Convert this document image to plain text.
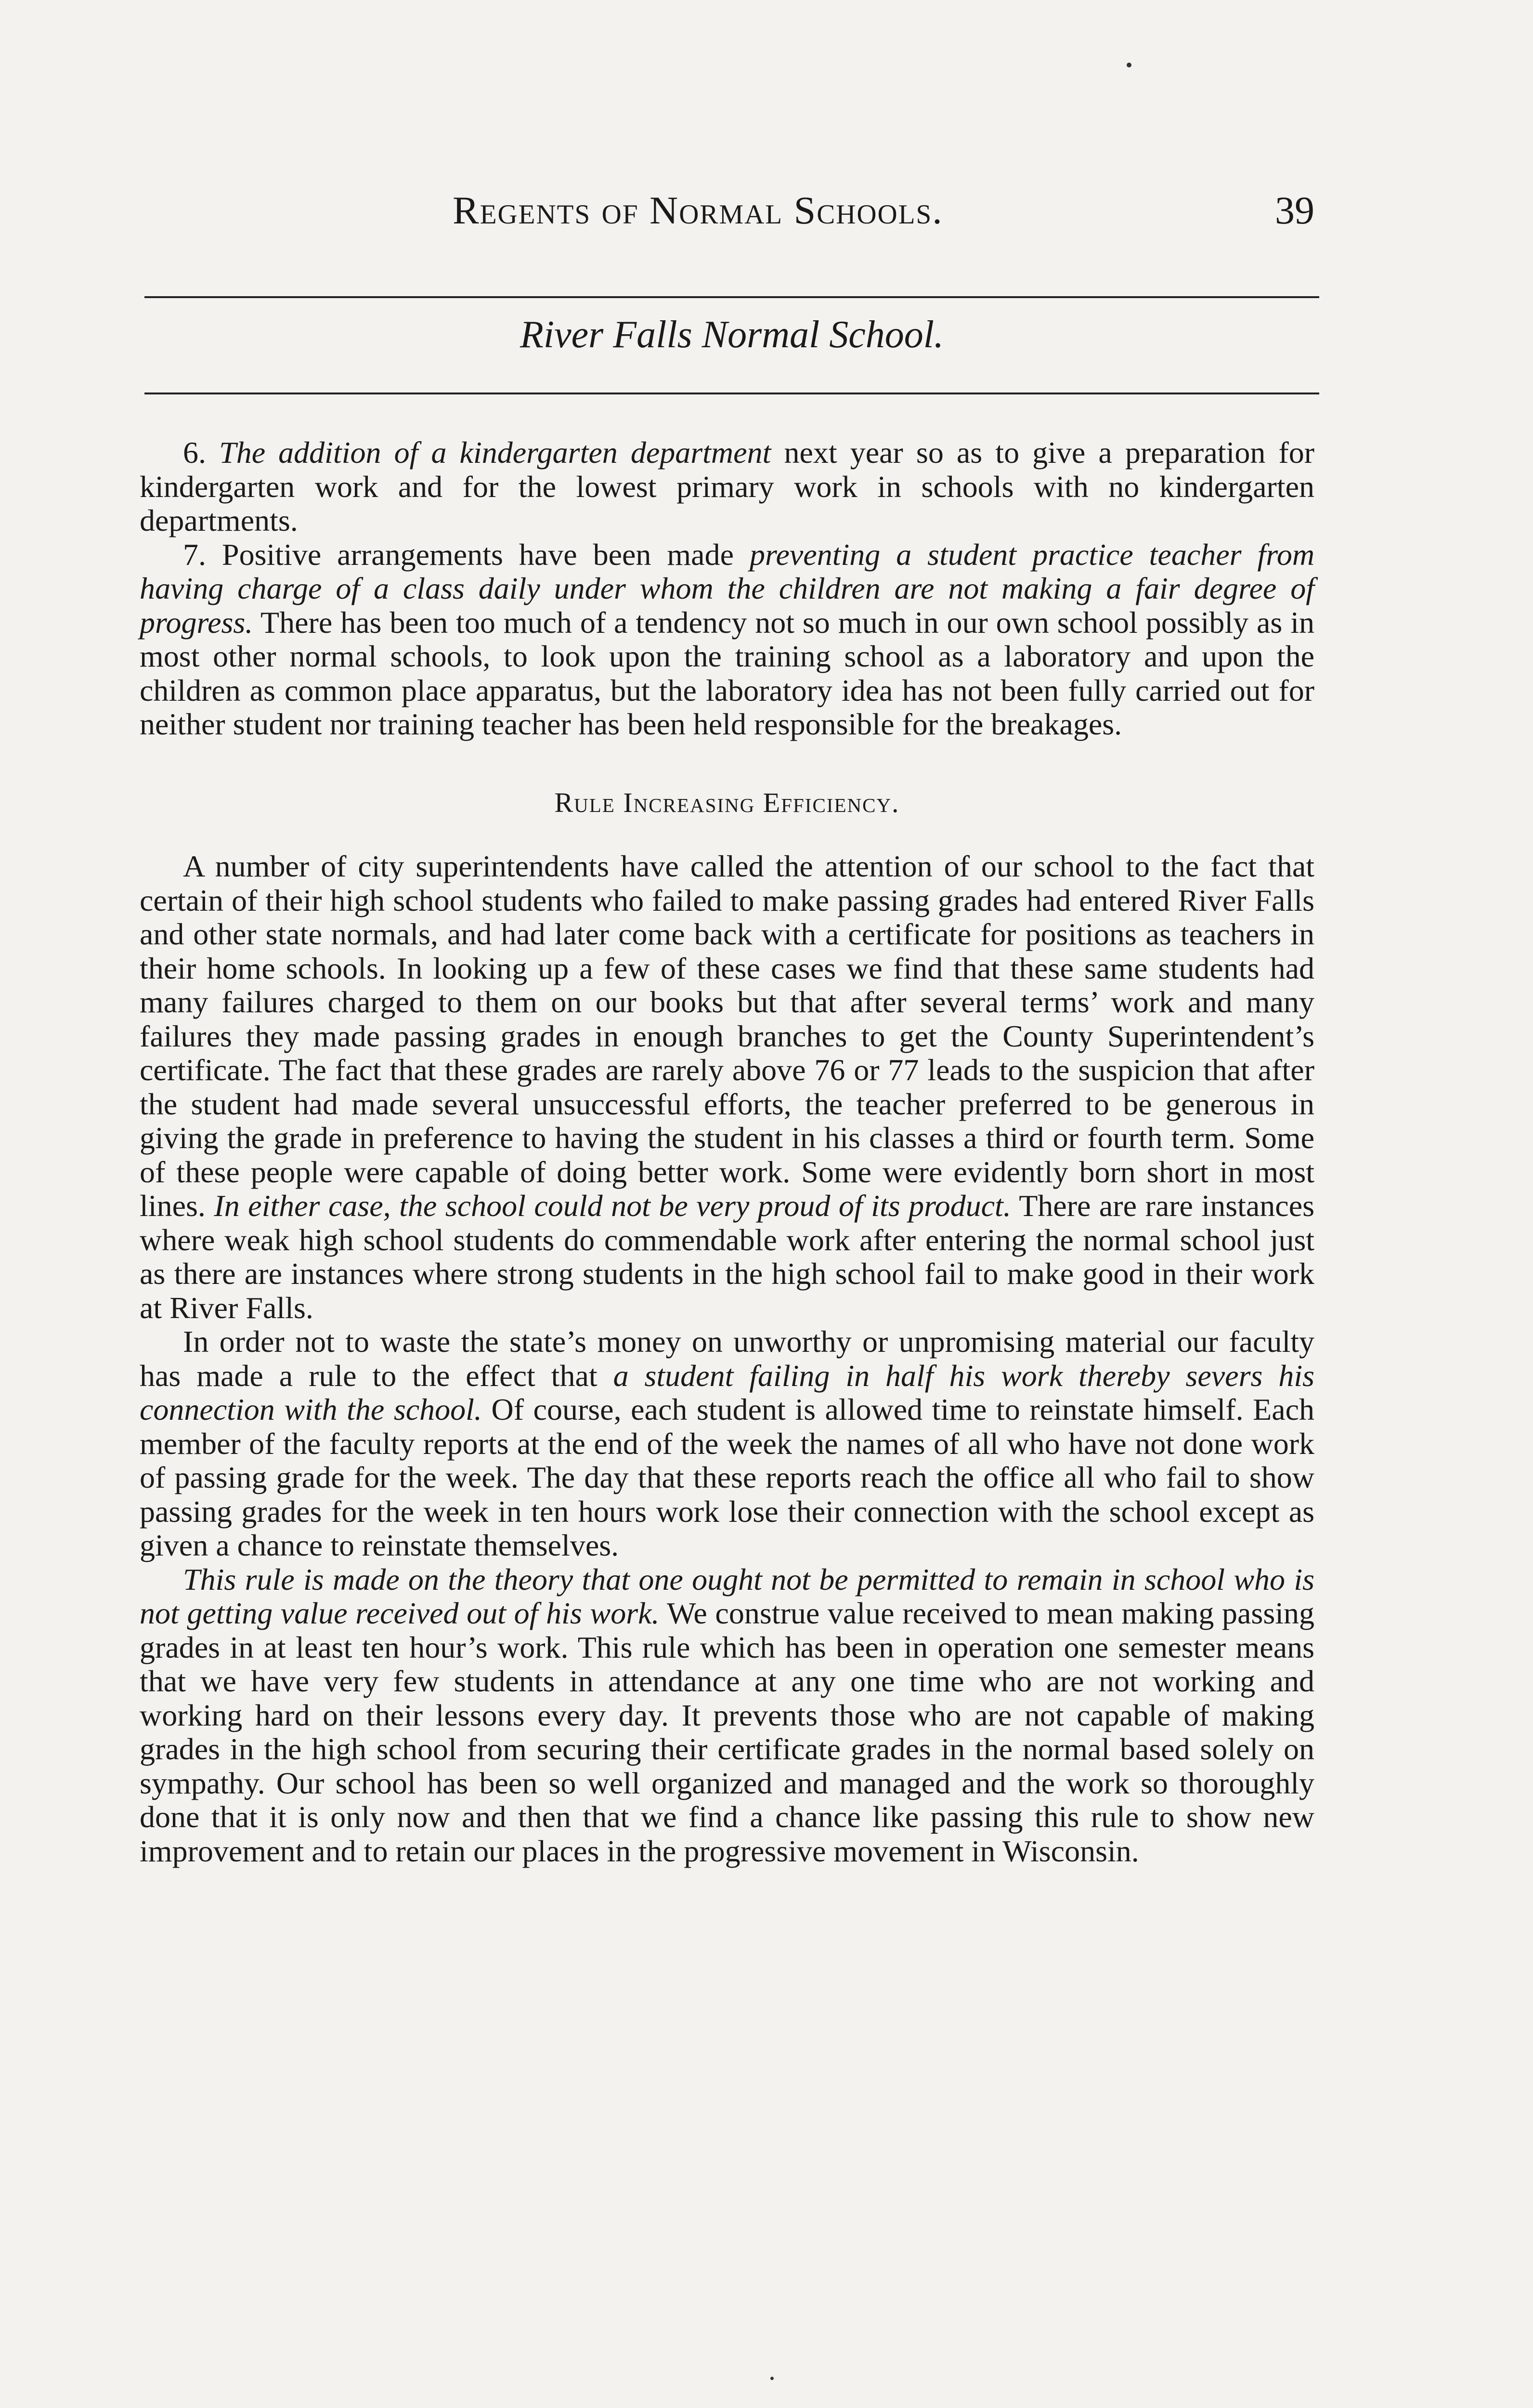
Regents of Normal Schools.	39
River Falls Normal School.

6. The addition of a kindergarten department next year so as to give a preparation for kindergarten work and for the lowest primary work in schools with no kindergarten departments.

7. Positive arrangements have been made preventing a student practice teacher from having charge of a class daily under whom the children are not making a fair degree of progress. There has been too much of a tendency not so much in our own school possibly as in most other normal schools, to look upon the training school as a laboratory and upon the children as common place apparatus, but the laboratory idea has not been fully carried out for neither student nor training teacher has been held responsible for the breakages.

Rule Increasing Efficiency.

A number of city superintendents have called the attention of our school to the fact that certain of their high school students who failed to make passing grades had entered River Falls and other state normals, and had later come back with a certificate for positions as teachers in their home schools. In looking up a few of these cases we find that these same students had many failures charged to them on our books but that after several terms’ work and many failures they made passing grades in enough branches to get the County Superintendent’s certificate. The fact that these grades are rarely above 76 or 77 leads to the suspicion that after the student had made several unsuccessful efforts, the teacher preferred to be generous in giving the grade in preference to having the student in his classes a third or fourth term. Some of these people were capable of doing better work. Some were evidently born short in most lines. In either case, the school could not be very proud of its product. There are rare instances where weak high school students do commendable work after entering the normal school just as there are instances where strong students in the high school fail to make good in their work at River Falls.

In order not to waste the state’s money on unworthy or unpromising material our faculty has made a rule to the effect that a student failing in half his work thereby severs his connection with the school. Of course, each student is allowed time to reinstate himself. Each member of the faculty reports at the end of the week the names of all who have not done work of passing grade for the week. The day that these reports reach the office all who fail to show passing grades for the week in ten hours work lose their connection with the school except as given a chance to reinstate themselves.

This rule is made on the theory that one ought not be permitted to remain in school who is not getting value received out of his work. We construe value received to mean making passing grades in at least ten hour’s work. This rule which has been in operation one semester means that we have very few students in attendance at any one time who are not working and working hard on their lessons every day. It prevents those who are not capable of making grades in the high school from securing their certificate grades in the normal based solely on sympathy. Our school has been so well organized and managed and the work so thoroughly done that it is only now and then that we find a chance like passing this rule to show new improvement and to retain our places in the progressive movement in Wisconsin.
